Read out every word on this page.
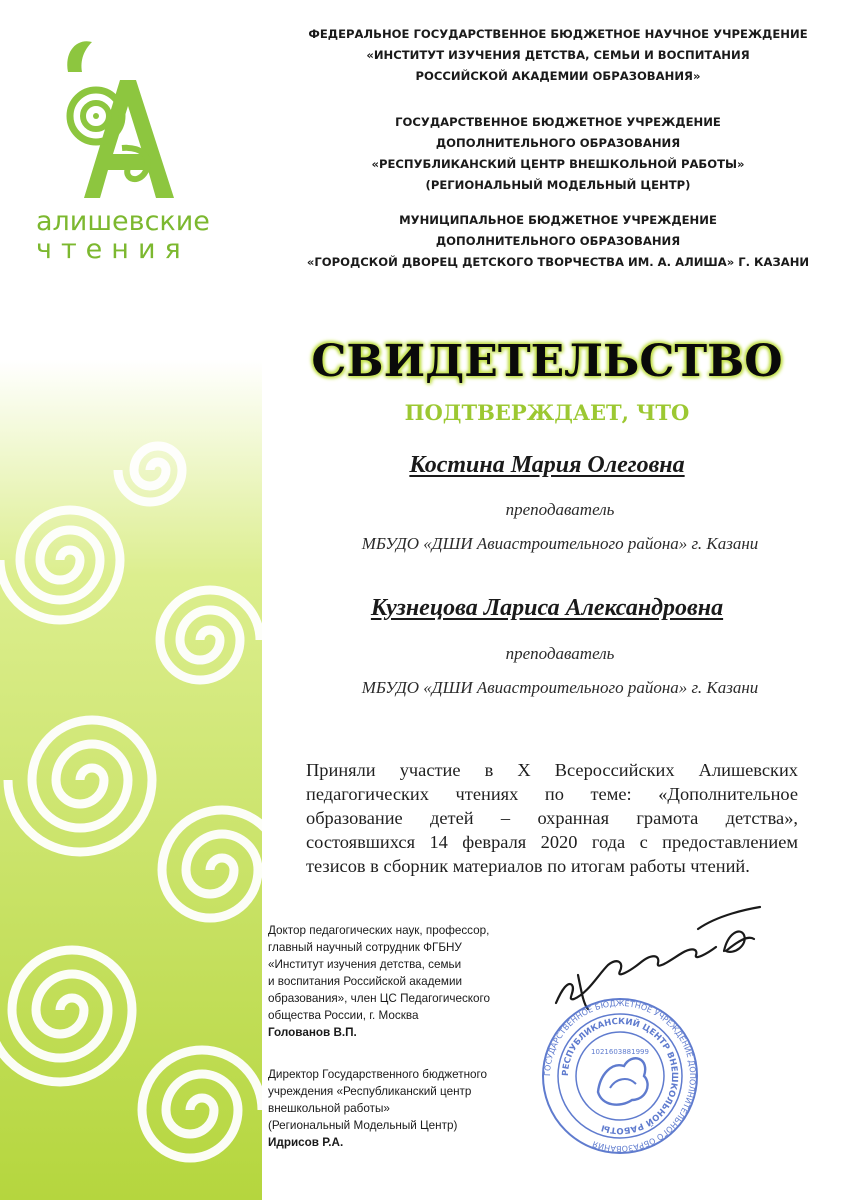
алишевские
чтения
ФЕДЕРАЛЬНОЕ ГОСУДАРСТВЕННОЕ БЮДЖЕТНОЕ НАУЧНОЕ УЧРЕЖДЕНИЕ
«ИНСТИТУТ ИЗУЧЕНИЯ ДЕТСТВА, СЕМЬИ И ВОСПИТАНИЯ
РОССИЙСКОЙ АКАДЕМИИ ОБРАЗОВАНИЯ»
ГОСУДАРСТВЕННОЕ БЮДЖЕТНОЕ УЧРЕЖДЕНИЕ
ДОПОЛНИТЕЛЬНОГО ОБРАЗОВАНИЯ
«РЕСПУБЛИКАНСКИЙ ЦЕНТР ВНЕШКОЛЬНОЙ РАБОТЫ»
(РЕГИОНАЛЬНЫЙ МОДЕЛЬНЫЙ ЦЕНТР)
МУНИЦИПАЛЬНОЕ БЮДЖЕТНОЕ УЧРЕЖДЕНИЕ
ДОПОЛНИТЕЛЬНОГО ОБРАЗОВАНИЯ
«ГОРОДСКОЙ ДВОРЕЦ ДЕТСКОГО ТВОРЧЕСТВА ИМ. А. АЛИША» Г. КАЗАНИ
СВИДЕТЕЛЬСТВО
ПОДТВЕРЖДАЕТ, ЧТО
Костина Мария Олеговна
преподаватель
МБУДО «ДШИ Авиастроительного района» г. Казани
Кузнецова Лариса Александровна
преподаватель
МБУДО «ДШИ Авиастроительного района» г. Казани
Приняли участие в X Всероссийских Алишевских
педагогических чтениях по теме: «Дополнительное
образование детей – охранная грамота детства»,
состоявшихся 14 февраля 2020 года с предоставлением
тезисов в сборник материалов по итогам работы чтений.
Доктор педагогических наук, профессор,
главный научный сотрудник ФГБНУ
«Институт изучения детства, семьи
и воспитания Российской академии
образования», член ЦС Педагогического
общества России, г. Москва
Голованов В.П.
Директор Государственного бюджетного
учреждения «Республиканский центр
внешкольной работы»
(Региональный Модельный Центр)
Идрисов Р.А.
ГОСУДАРСТВЕННОЕ БЮДЖЕТНОЕ УЧРЕЖДЕНИЕ ДОПОЛНИТЕЛЬНОГО ОБРАЗОВАНИЯ
РЕСПУБЛИКАНСКИЙ ЦЕНТР ВНЕШКОЛЬНОЙ РАБОТЫ
1021603881999
